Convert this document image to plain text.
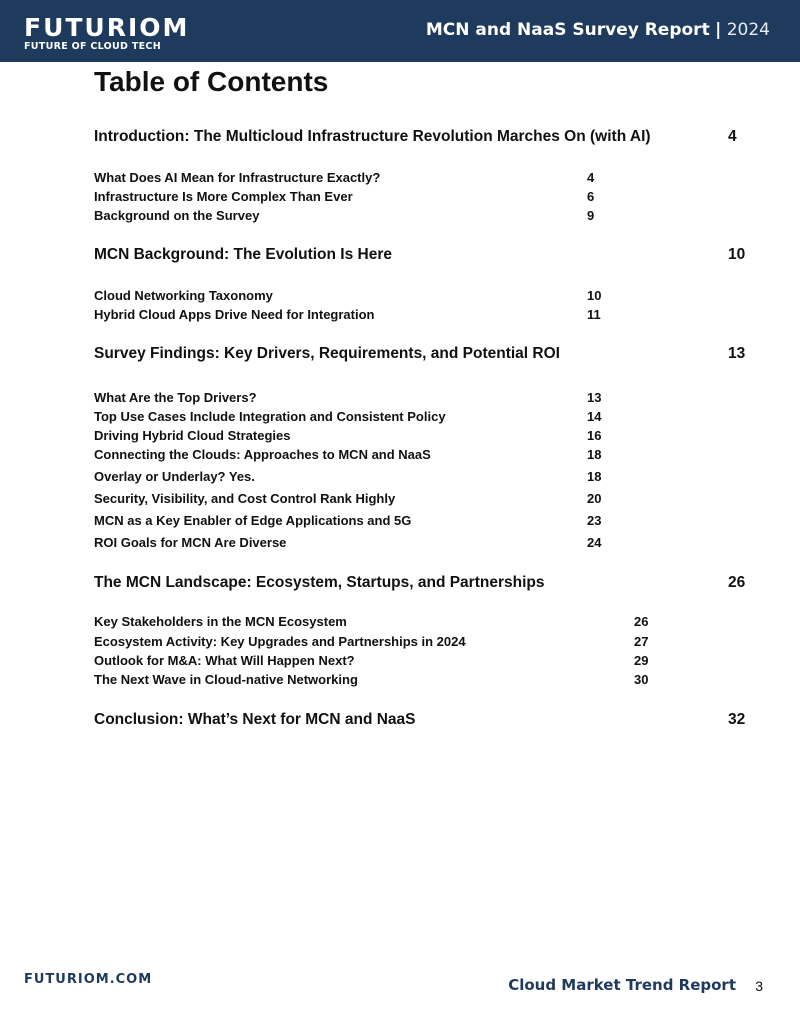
FUTURIOM
FUTURE OF CLOUD TECH
MCN and NaaS Survey Report | 2024
Table of Contents
Introduction: The Multicloud Infrastructure Revolution Marches On (with AI)	4
What Does AI Mean for Infrastructure Exactly?	4
Infrastructure Is More Complex Than Ever	6
Background on the Survey	9
MCN Background: The Evolution Is Here	10
Cloud Networking Taxonomy	10
Hybrid Cloud Apps Drive Need for Integration	11
Survey Findings: Key Drivers, Requirements, and Potential ROI	13
What Are the Top Drivers?	13
Top Use Cases Include Integration and Consistent Policy	14
Driving Hybrid Cloud Strategies	16
Connecting the Clouds: Approaches to MCN and NaaS	18
Overlay or Underlay? Yes.	18
Security, Visibility, and Cost Control Rank Highly	20
MCN as a Key Enabler of Edge Applications and 5G	23
ROI Goals for MCN Are Diverse	24
The MCN Landscape: Ecosystem, Startups, and Partnerships	26
Key Stakeholders in the MCN Ecosystem	26
Ecosystem Activity: Key Upgrades and Partnerships in 2024	27
Outlook for M&A: What Will Happen Next?	29
The Next Wave in Cloud-native Networking	30
Conclusion: What’s Next for MCN and NaaS	32
FUTURIOM.COM	Cloud Market Trend Report 3
